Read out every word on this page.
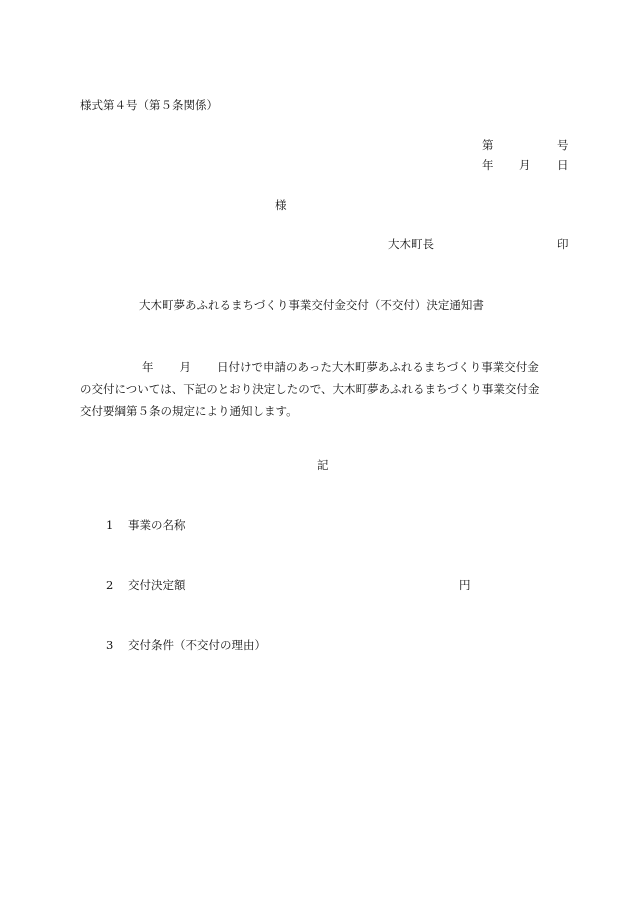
様式第４号（第５条関係）
第	号
年 月 日
様
大木町長	印
大木町夢あふれるまちづくり事業交付金交付（不交付）決定通知書
年 月 日付けで申請のあった大木町夢あふれるまちづくり事業交付金
の交付については、下記のとおり決定したので、大木町夢あふれるまちづくり事業交付金
交付要綱第５条の規定により通知します。
記
1 事業の名称
2 交付決定額	円
3 交付条件（不交付の理由）
